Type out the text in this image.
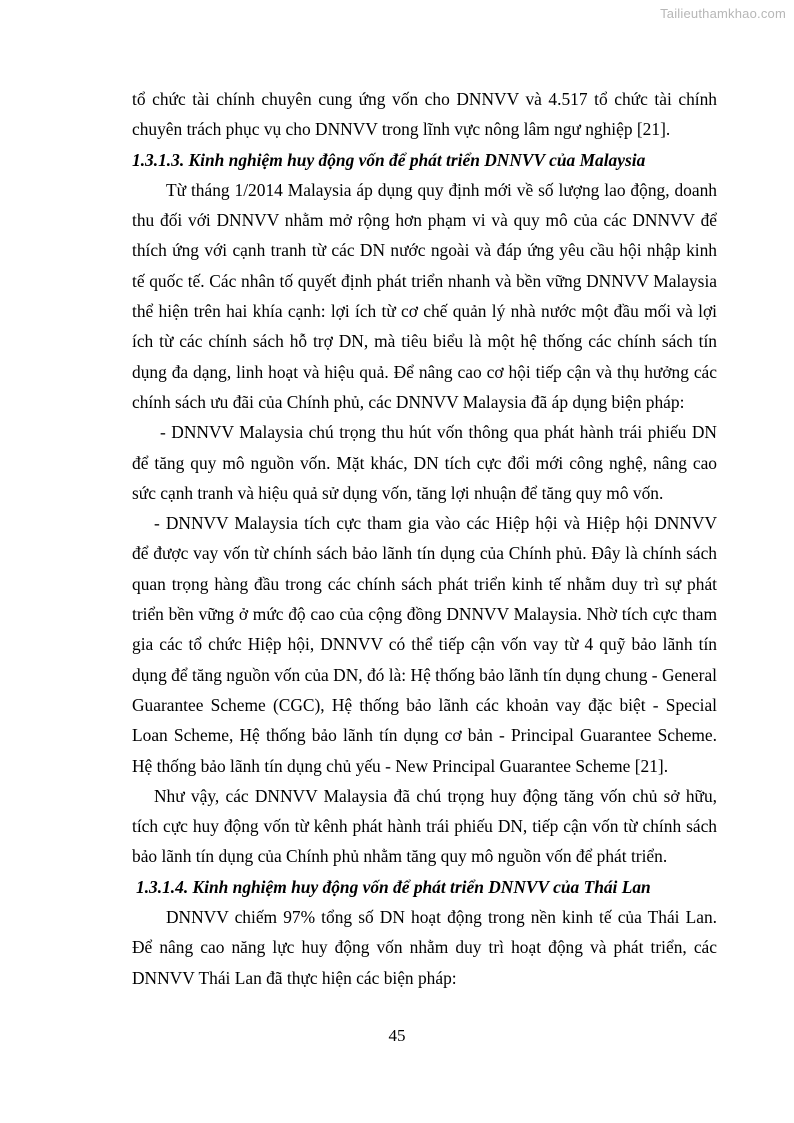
Tailieuthamkhao.com
tổ chức tài chính chuyên cung ứng vốn cho DNNVV và 4.517 tổ chức tài chính
chuyên trách phục vụ cho DNNVV trong lĩnh vực nông lâm ngư nghiệp [21].
1.3.1.3. Kinh nghiệm huy động vốn để phát triển DNNVV của Malaysia
Từ tháng 1/2014 Malaysia áp dụng quy định mới về số lượng lao động, doanh
thu đối với DNNVV nhằm mở rộng hơn phạm vi và quy mô của các DNNVV để
thích ứng với cạnh tranh từ các DN nước ngoài và đáp ứng yêu cầu hội nhập kinh
tế quốc tế. Các nhân tố quyết định phát triển nhanh và bền vững DNNVV Malaysia
thể hiện trên hai khía cạnh: lợi ích từ cơ chế quản lý nhà nước một đầu mối và lợi
ích từ các chính sách hỗ trợ DN, mà tiêu biểu là một hệ thống các chính sách tín
dụng đa dạng, linh hoạt và hiệu quả. Để nâng cao cơ hội tiếp cận và thụ hưởng các
chính sách ưu đãi của Chính phủ, các DNNVV Malaysia đã áp dụng biện pháp:
- DNNVV Malaysia chú trọng thu hút vốn thông qua phát hành trái phiếu DN
để tăng quy mô nguồn vốn. Mặt khác, DN tích cực đổi mới công nghệ, nâng cao
sức cạnh tranh và hiệu quả sử dụng vốn, tăng lợi nhuận để tăng quy mô vốn.
- DNNVV Malaysia tích cực tham gia vào các Hiệp hội và Hiệp hội DNNVV
để được vay vốn từ chính sách bảo lãnh tín dụng của Chính phủ. Đây là chính sách
quan trọng hàng đầu trong các chính sách phát triển kinh tế nhằm duy trì sự phát
triển bền vững ở mức độ cao của cộng đồng DNNVV Malaysia. Nhờ tích cực tham
gia các tổ chức Hiệp hội, DNNVV có thể tiếp cận vốn vay từ 4 quỹ bảo lãnh tín
dụng để tăng nguồn vốn của DN, đó là: Hệ thống bảo lãnh tín dụng chung - General
Guarantee Scheme (CGC), Hệ thống bảo lãnh các khoản vay đặc biệt - Special
Loan Scheme, Hệ thống bảo lãnh tín dụng cơ bản - Principal Guarantee Scheme.
Hệ thống bảo lãnh tín dụng chủ yếu - New Principal Guarantee Scheme [21].
Như vậy, các DNNVV Malaysia đã chú trọng huy động tăng vốn chủ sở hữu,
tích cực huy động vốn từ kênh phát hành trái phiếu DN, tiếp cận vốn từ chính sách
bảo lãnh tín dụng của Chính phủ nhằm tăng quy mô nguồn vốn để phát triển.
1.3.1.4. Kinh nghiệm huy động vốn để phát triển DNNVV của Thái Lan
DNNVV chiếm 97% tổng số DN hoạt động trong nền kinh tế của Thái Lan.
Để nâng cao năng lực huy động vốn nhằm duy trì hoạt động và phát triển, các
DNNVV Thái Lan đã thực hiện các biện pháp:
45
